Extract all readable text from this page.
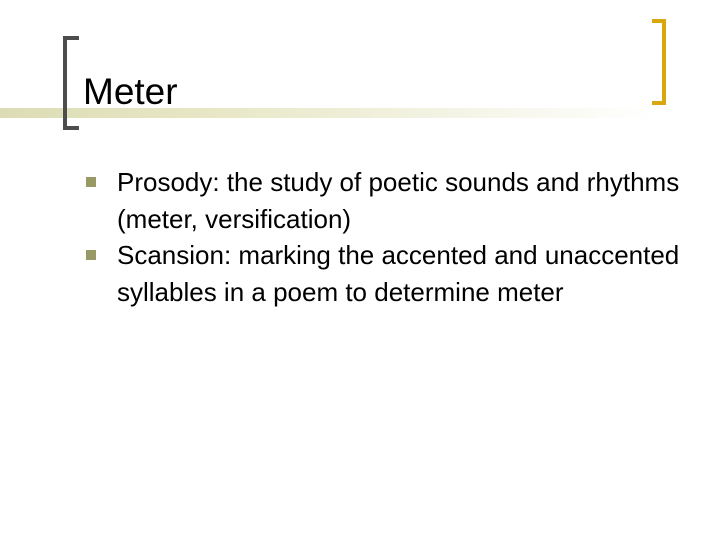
Meter
Prosody: the study of poetic sounds and rhythms (meter, versification)
Scansion: marking the accented and unaccented syllables in a poem to determine meter
